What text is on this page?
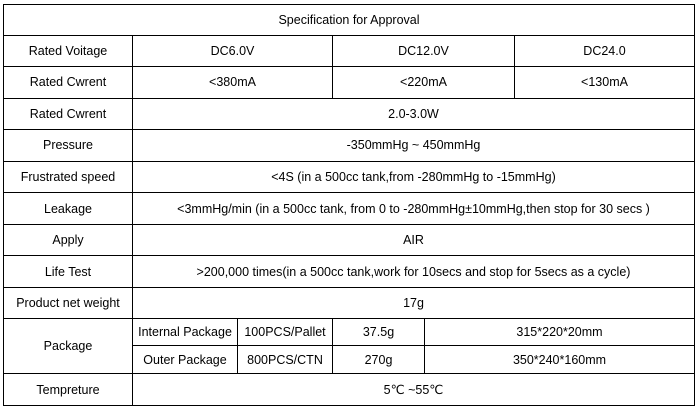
Specification for Approval					
Rated Voitage	DC6.0V		DC12.0V		DC24.0
Rated Cwrent	˂380mA		<220mA		<130mA
Rated Cwrent	2.0-3.0W				
Pressure	-350mmHg ~ 450mmHg				
Frustrated speed	<4S (in a 500cc tank,from -280mmHg to -15mmHg)				
Leakage	<3mmHg/min (in a 500cc tank, from 0 to -280mmHg±10mmHg,then stop for 30 secs )				
Apply	AIR				
Life Test	>200,000 times(in a 500cc tank,work for 10secs and stop for 5secs as a cycle)				
Product net weight	17g				
Package	Internal Package	100PCS/Pallet	37.5g	315*220*20mm	
	Outer Package	800PCS/CTN	270g	350*240*160mm	
Tempreture	5℃ ~55℃				
